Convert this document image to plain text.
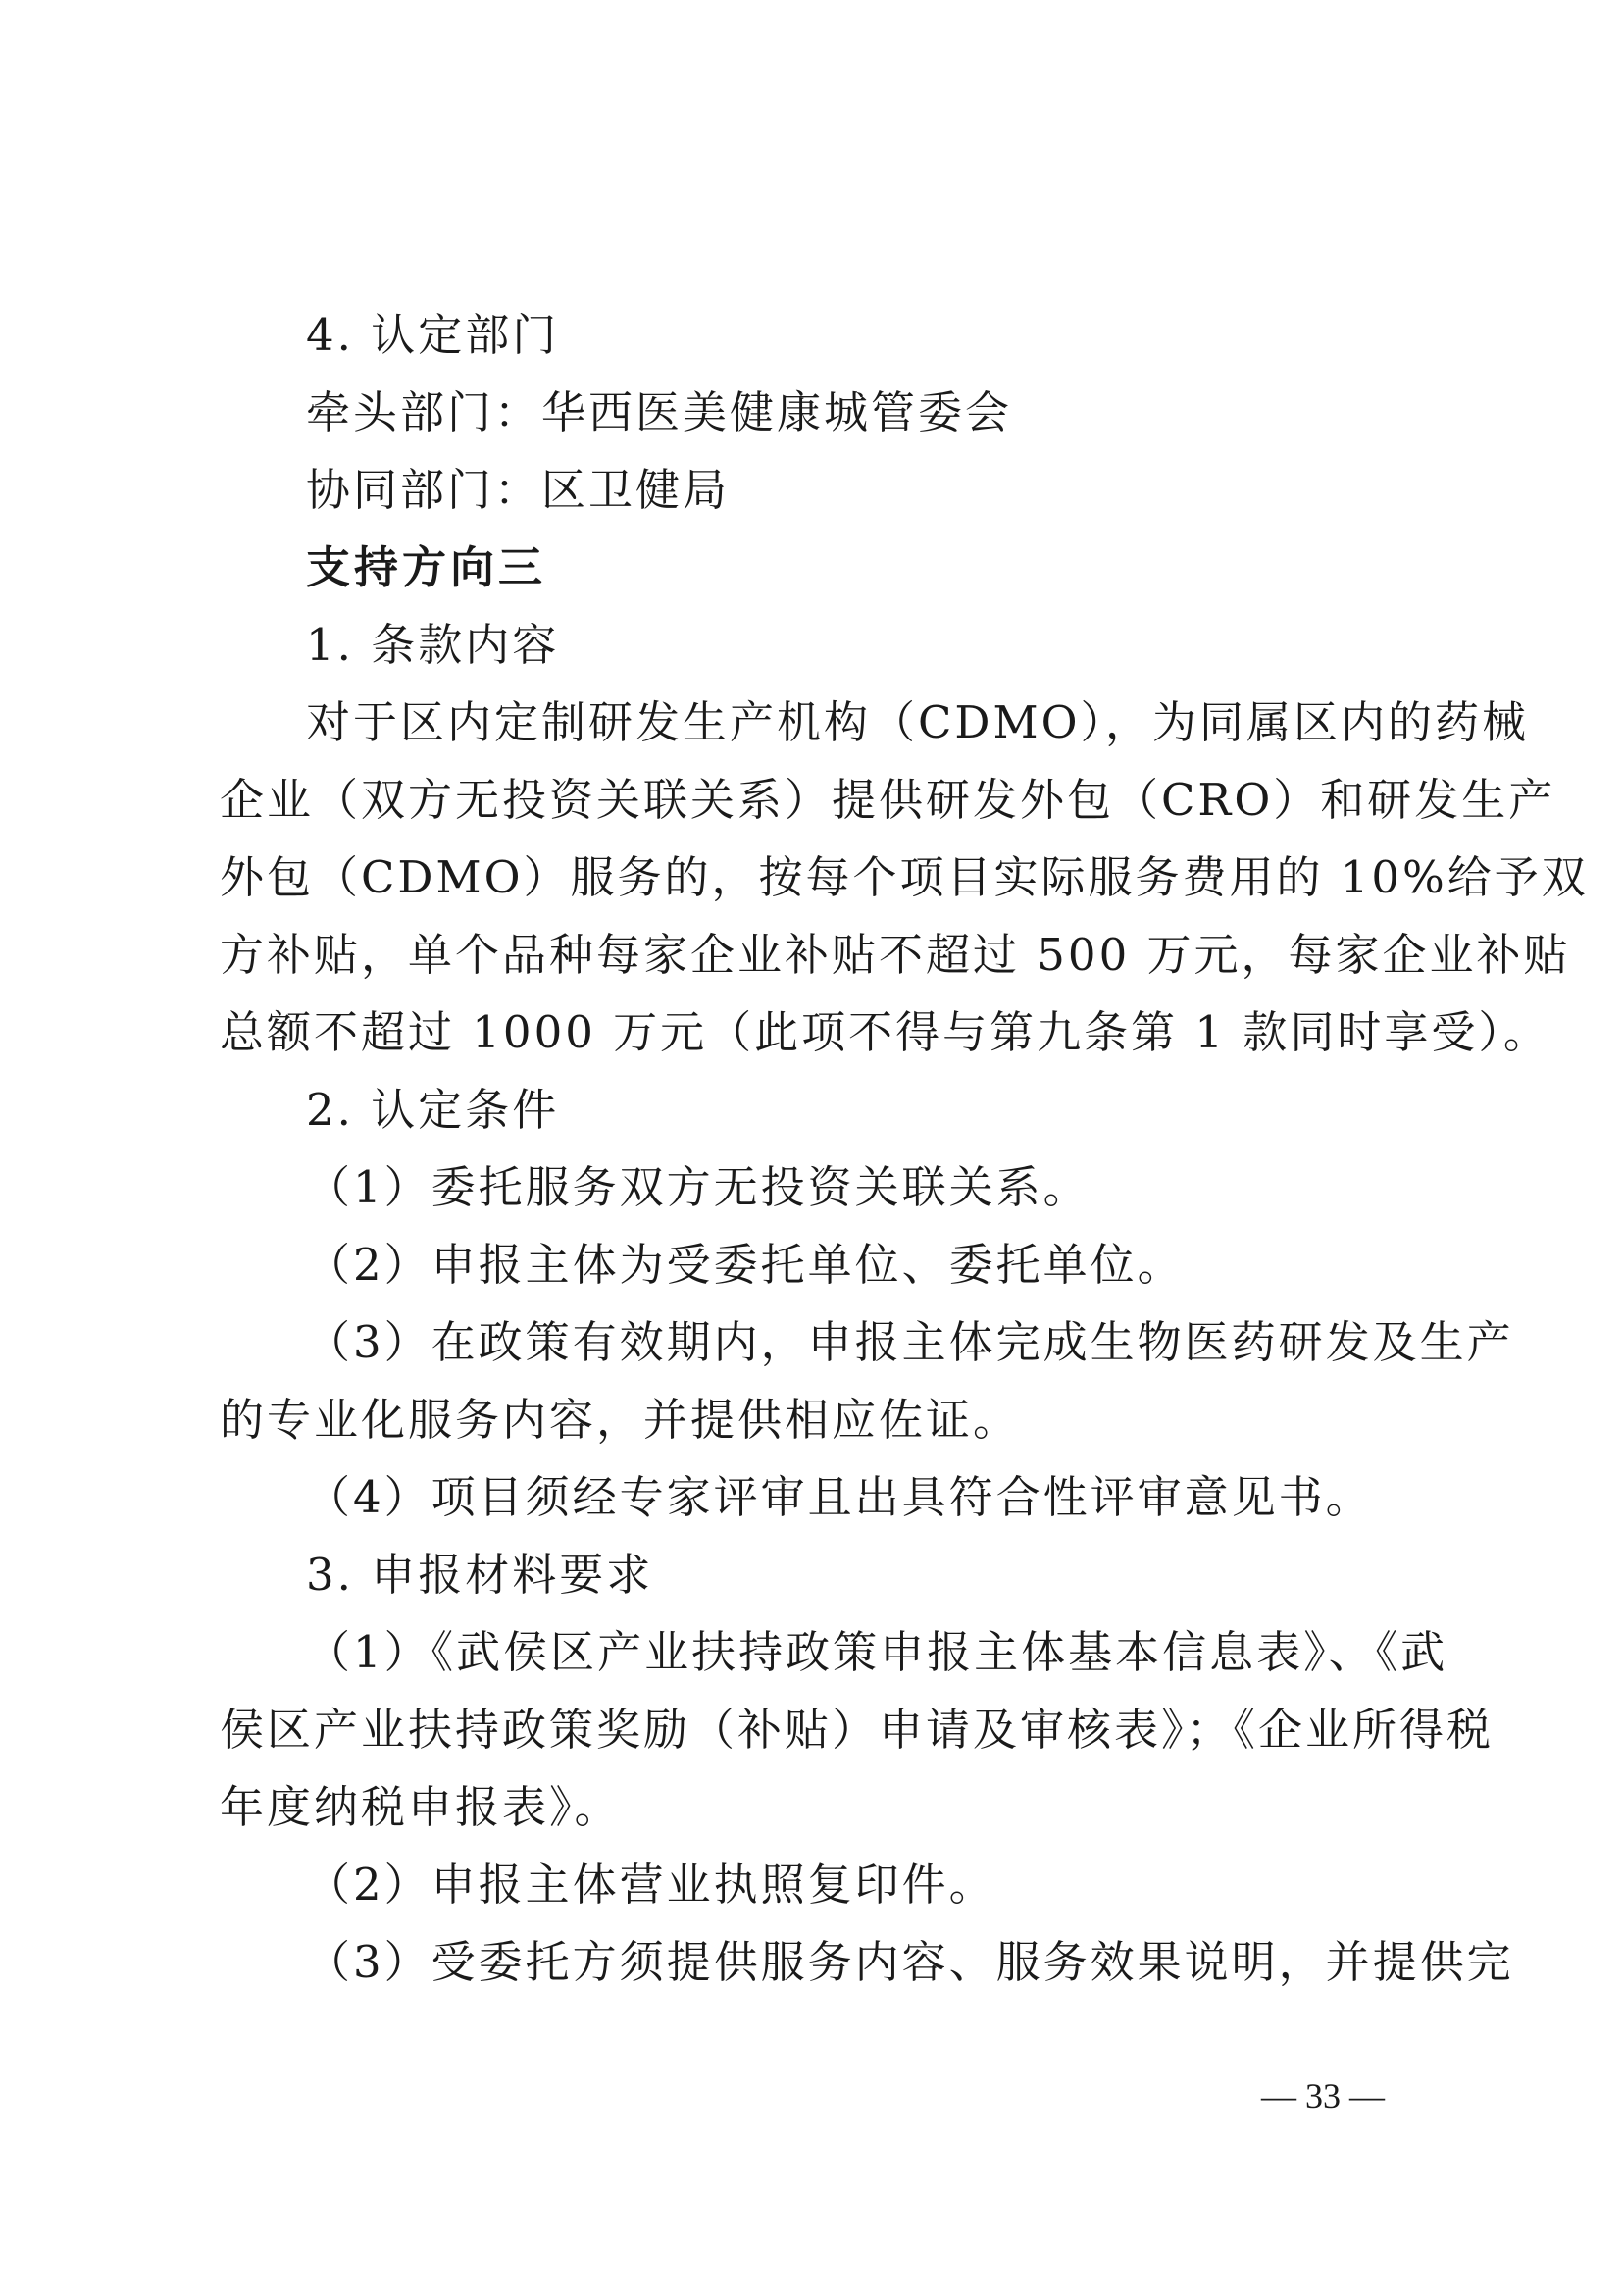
4. 认定部门
牵头部门：华西医美健康城管委会
协同部门：区卫健局
支持方向三
1. 条款内容
对于区内定制研发生产机构（CDMO），为同属区内的药械
企业（双方无投资关联关系）提供研发外包（CRO）和研发生产
外包（CDMO）服务的，按每个项目实际服务费用的 10%给予双
方补贴，单个品种每家企业补贴不超过 500 万元，每家企业补贴
总额不超过 1000 万元（此项不得与第九条第 1 款同时享受）。
2. 认定条件
（1）委托服务双方无投资关联关系。
（2）申报主体为受委托单位、委托单位。
（3）在政策有效期内，申报主体完成生物医药研发及生产
的专业化服务内容，并提供相应佐证。
（4）项目须经专家评审且出具符合性评审意见书。
3. 申报材料要求
（1）《武侯区产业扶持政策申报主体基本信息表》、《武
侯区产业扶持政策奖励（补贴）申请及审核表》；《企业所得税
年度纳税申报表》。
（2）申报主体营业执照复印件。
（3）受委托方须提供服务内容、服务效果说明，并提供完
— 33 —
